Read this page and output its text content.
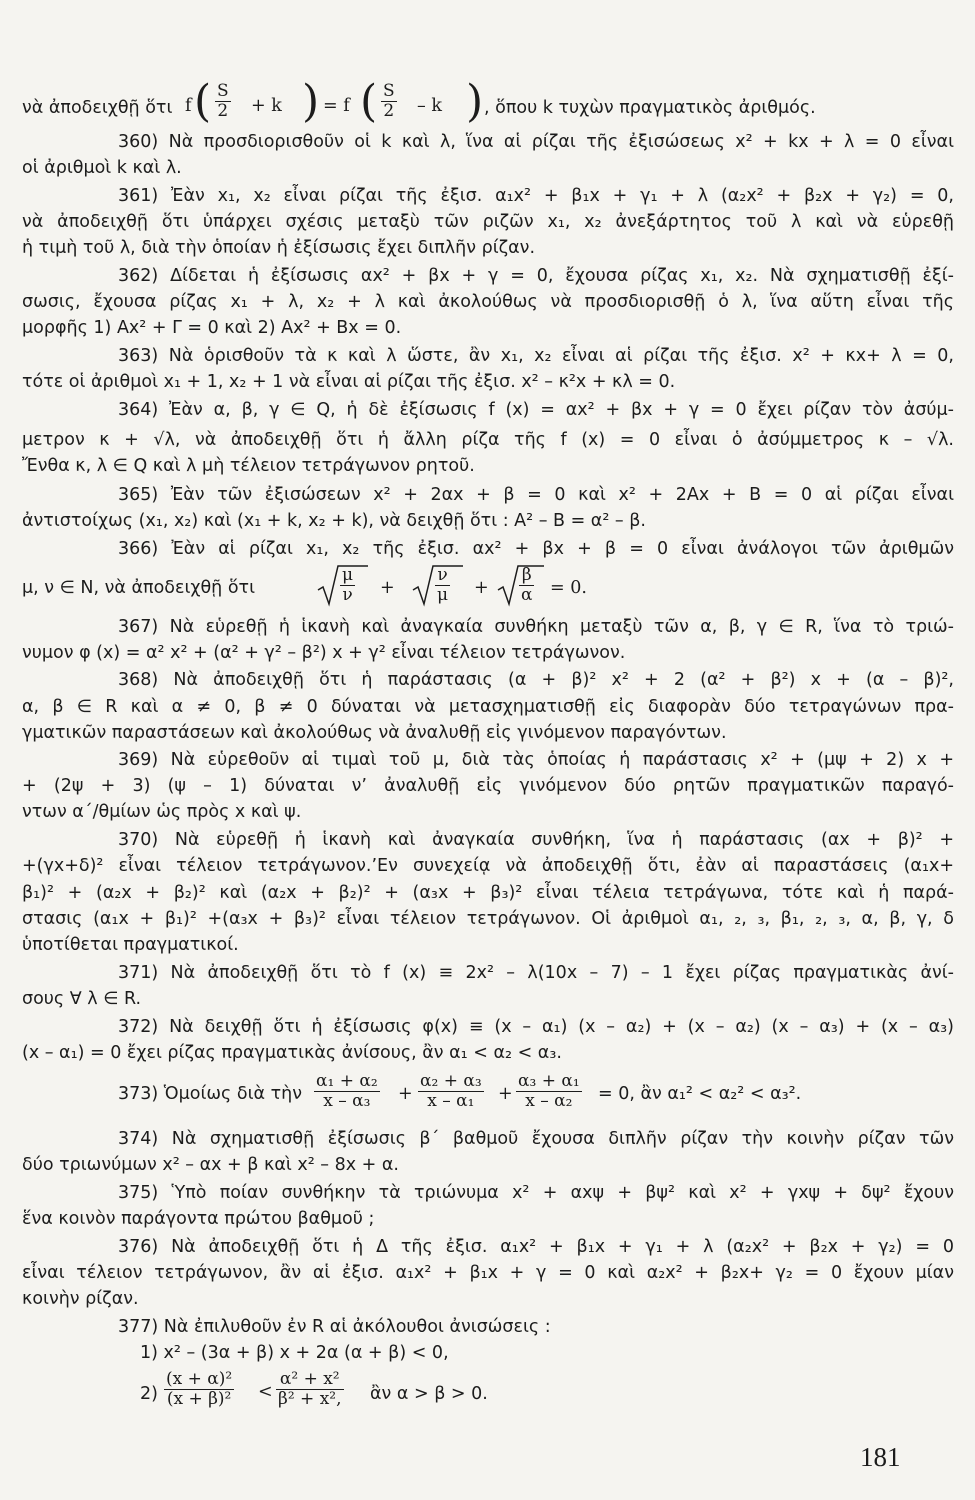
νὰ ἀποδειχθῇ ὅτι f ( $\frac{S}{2} + k$ ) = f ( $\frac{S}{2}$ – k ) , ὅπου k τυχὼν πραγματικὸς ἀριθμός.
360) Νὰ προσδιορισθοῦν οἱ k καὶ λ, ἵνα αἱ ρίζαι τῆς ἐξισώσεως x² + kx + λ = 0 εἶναι
οἱ ἀριθμοὶ k καὶ λ.
361) Ἐὰν x₁, x₂ εἶναι ρίζαι τῆς ἐξισ. α₁x² + β₁x + γ₁ + λ (α₂x² + β₂x + γ₂) = 0,
νὰ ἀποδειχθῇ ὅτι ὑπάρχει σχέσις μεταξὺ τῶν ριζῶν x₁, x₂ ἀνεξάρτητος τοῦ λ καὶ νὰ εὑρεθῇ
ἡ τιμὴ τοῦ λ, διὰ τὴν ὁποίαν ἡ ἐξίσωσις ἔχει διπλῆν ρίζαν.
362) Δίδεται ἡ ἐξίσωσις αx² + βx + γ = 0, ἔχουσα ρίζας x₁, x₂. Νὰ σχηματισθῇ ἐξί-
σωσις, ἔχουσα ρίζας x₁ + λ, x₂ + λ καὶ ἀκολούθως νὰ προσδιορισθῇ ὁ λ, ἵνα αὕτη εἶναι τῆς
μορφῆς 1) Ax² + Γ = 0 καὶ 2) Ax² + Bx = 0.
363) Νὰ ὁρισθοῦν τὰ κ καὶ λ ὥστε, ἂν x₁, x₂ εἶναι αἱ ρίζαι τῆς ἐξισ. x² + κx+ λ = 0,
τότε οἱ ἀριθμοὶ x₁ + 1, x₂ + 1 νὰ εἶναι αἱ ρίζαι τῆς ἐξισ. x² – κ²x + κλ = 0.
364) Ἐὰν α, β, γ ∈ Q, ἡ δὲ ἐξίσωσις f (x) = αx² + βx + γ = 0 ἔχει ρίζαν τὸν ἀσύμ-
μετρον κ + √λ, νὰ ἀποδειχθῇ ὅτι ἡ ἄλλη ρίζα τῆς f (x) = 0 εἶναι ὁ ἀσύμμετρος κ – √λ.
Ἔνθα κ, λ ∈ Q καὶ λ μὴ τέλειον τετράγωνον ρητοῦ.
365) Ἐὰν τῶν ἐξισώσεων x² + 2αx + β = 0 καὶ x² + 2Ax + B = 0 αἱ ρίζαι εἶναι
ἀντιστοίχως (x₁, x₂) καὶ (x₁ + k, x₂ + k), νὰ δειχθῇ ὅτι : A² – B = α² – β.
366) Ἐὰν αἱ ρίζαι x₁, x₂ τῆς ἐξισ. αx² + βx + β = 0 εἶναι ἀνάλογοι τῶν ἀριθμῶν
μ, ν ∈ N, νὰ ἀποδειχθῇ ὅτι	$\frac{\mu}{\nu} + \frac{\nu}{\mu} + \frac{\beta}{\alpha} = 0$.
367) Νὰ εὑρεθῇ ἡ ἱκανὴ καὶ ἀναγκαία συνθήκη μεταξὺ τῶν α, β, γ ∈ R, ἵνα τὸ τριώ-
νυμον φ (x) = α² x² + (α² + γ² – β²) x + γ² εἶναι τέλειον τετράγωνον.
368) Νὰ ἀποδειχθῇ ὅτι ἡ παράστασις (α + β)² x² + 2 (α² + β²) x + (α – β)²,
α, β ∈ R καὶ α ≠ 0, β ≠ 0 δύναται νὰ μετασχηματισθῇ εἰς διαφορὰν δύο τετραγώνων πρα-
γματικῶν παραστάσεων καὶ ἀκολούθως νὰ ἀναλυθῇ εἰς γινόμενον παραγόντων.
369) Νὰ εὑρεθοῦν αἱ τιμαὶ τοῦ μ, διὰ τὰς ὁποίας ἡ παράστασις x² + (μψ + 2) x +
+ (2ψ + 3) (ψ – 1) δύναται ν’ ἀναλυθῇ εἰς γινόμενον δύο ρητῶν πραγματικῶν παραγό-
ντων α΄/θμίων ὡς πρὸς x καὶ ψ.
370) Νὰ εὑρεθῇ ἡ ἱκανὴ καὶ ἀναγκαία συνθήκη, ἵνα ἡ παράστασις (αx + β)² +
+(γx+δ)² εἶναι τέλειον τετράγωνον.’Εν συνεχείᾳ νὰ ἀποδειχθῇ ὅτι, ἐὰν αἱ παραστάσεις (α₁x+
β₁)² + (α₂x + β₂)² καὶ (α₂x + β₂)² + (α₃x + β₃)² εἶναι τέλεια τετράγωνα, τότε καὶ ἡ παρά-
στασις (α₁x + β₁)² +(α₃x + β₃)² εἶναι τέλειον τετράγωνον. Οἱ ἀριθμοὶ α₁, ₂, ₃, β₁, ₂, ₃, α, β, γ, δ
ὑποτίθεται πραγματικοί.
371) Νὰ ἀποδειχθῇ ὅτι τὸ f (x) ≡ 2x² – λ(10x – 7) – 1 ἔχει ρίζας πραγματικὰς ἀνί-
σους ∀ λ ∈ R.
372) Νὰ δειχθῇ ὅτι ἡ ἐξίσωσις φ(x) ≡ (x – α₁) (x – α₂) + (x – α₂) (x – α₃) + (x – α₃)
(x – α₁) = 0 ἔχει ρίζας πραγματικὰς ἀνίσους, ἂν α₁ < α₂ < α₃.
373) Ὁμοίως διὰ τὴν $\frac{\text{α₁ + α₂}}{\text{x – α₃}} + \frac{\text{α₂ + α₃}}{\text{x – α₁}} + \frac{\text{α₃ + α₁}}{\text{x – α₂}} = 0$, ἂν α₁² < α₂² < α₃².
374) Νὰ σχηματισθῇ ἐξίσωσις β΄ βαθμοῦ ἔχουσα διπλῆν ρίζαν τὴν κοινὴν ρίζαν τῶν
δύο τριωνύμων x² – αx + β καὶ x² – 8x + α.
375) Ὑπὸ ποίαν συνθήκην τὰ τριώνυμα x² + αxψ + βψ² καὶ x² + γxψ + δψ² ἔχουν
ἕνα κοινὸν παράγοντα πρώτου βαθμοῦ ;
376) Νὰ ἀποδειχθῇ ὅτι ἡ Δ τῆς ἐξισ. α₁x² + β₁x + γ₁ + λ (α₂x² + β₂x + γ₂) = 0
εἶναι τέλειον τετράγωνον, ἂν αἱ ἐξισ. α₁x² + β₁x + γ = 0 καὶ α₂x² + β₂x+ γ₂ = 0 ἔχουν μίαν
κοινὴν ρίζαν.
377) Νὰ ἐπιλυθοῦν ἐν R αἱ ἀκόλουθοι ἀνισώσεις :
1) x² – (3α + β) x + 2α (α + β) < 0,
$2) \frac{\text{(x + α)²}}{\text{(x + β)²}} < \frac{\text{α² + x²}}{\text{β² + x²,}}$ ἂν α > β > 0.
181
